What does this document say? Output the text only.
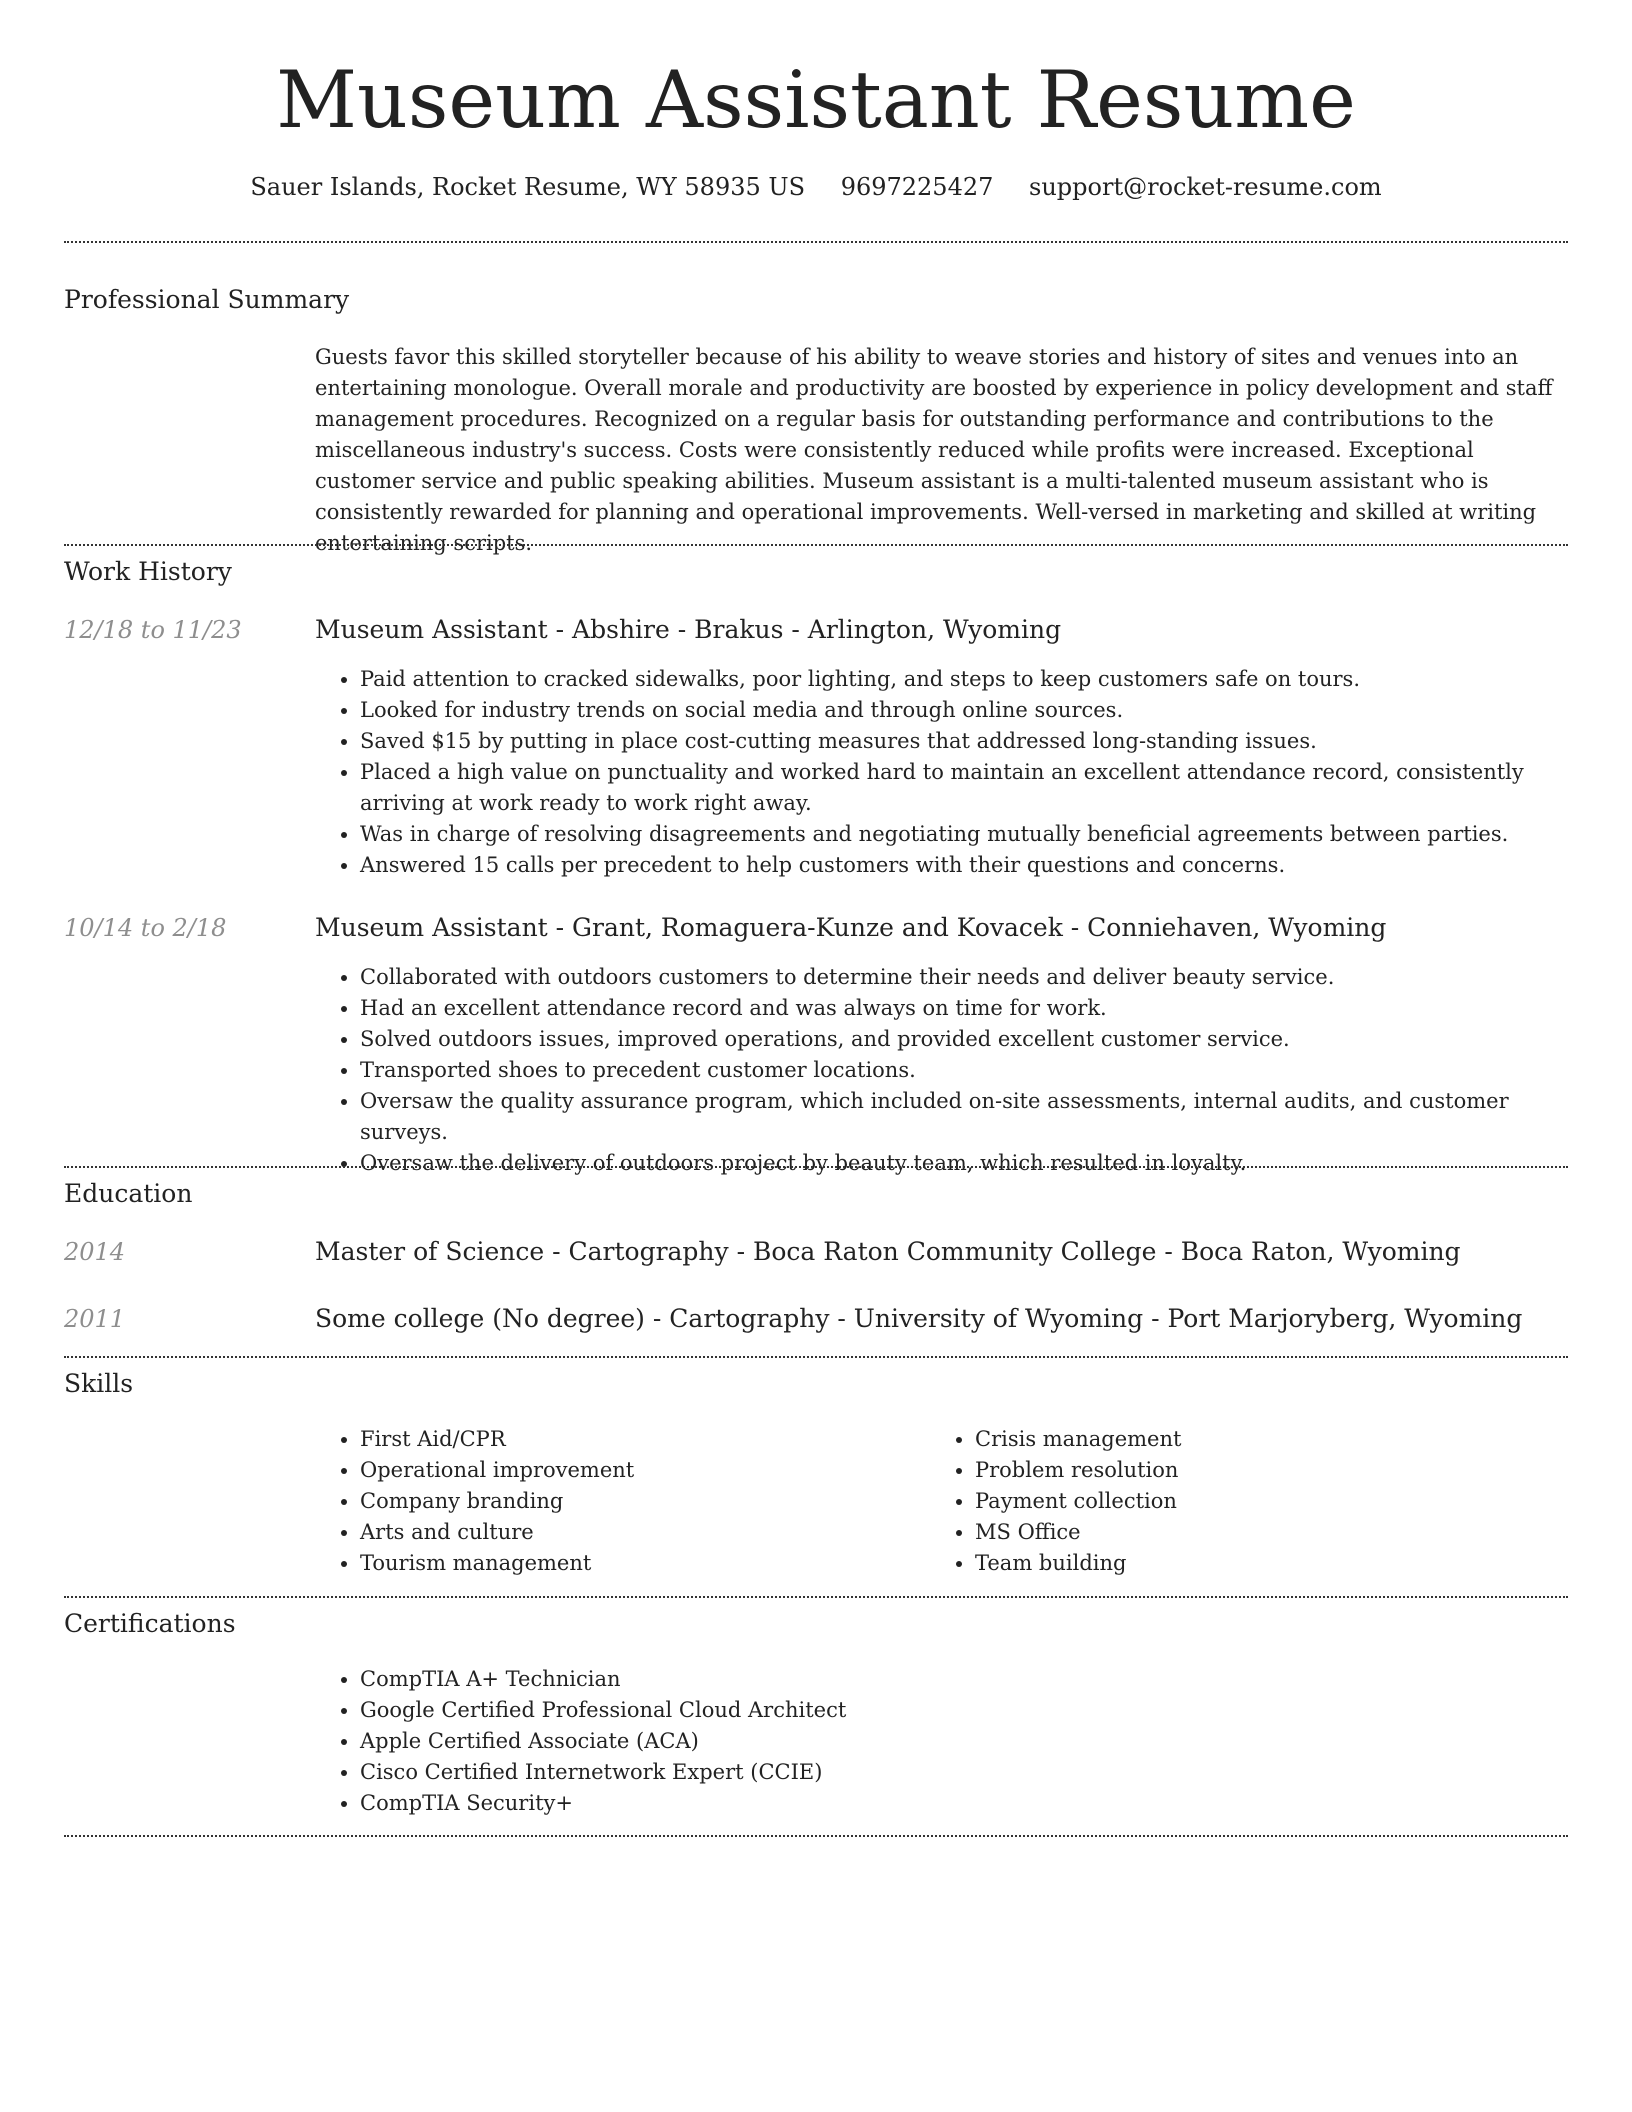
Museum Assistant Resume
Sauer Islands, Rocket Resume, WY 58935 US 9697225427 support@rocket-resume.com
Professional Summary

Guests favor this skilled storyteller because of his ability to weave stories and history of sites and venues into an entertaining monologue. Overall morale and productivity are boosted by experience in policy development and staff management procedures. Recognized on a regular basis for outstanding performance and contributions to the miscellaneous industry's success. Costs were consistently reduced while profits were increased. Exceptional customer service and public speaking abilities. Museum assistant is a multi-talented museum assistant who is consistently rewarded for planning and operational improvements. Well-versed in marketing and skilled at writing entertaining scripts.

Work History
12/18 to 11/23	Museum Assistant - Abshire - Brakus - Arlington, Wyoming
• Paid attention to cracked sidewalks, poor lighting, and steps to keep customers safe on tours.
• Looked for industry trends on social media and through online sources.
• Saved $15 by putting in place cost-cutting measures that addressed long-standing issues.
• Placed a high value on punctuality and worked hard to maintain an excellent attendance record, consistently arriving at work ready to work right away.
• Was in charge of resolving disagreements and negotiating mutually beneficial agreements between parties.
• Answered 15 calls per precedent to help customers with their questions and concerns.
10/14 to 2/18	Museum Assistant - Grant, Romaguera-Kunze and Kovacek - Conniehaven, Wyoming
• Collaborated with outdoors customers to determine their needs and deliver beauty service.
• Had an excellent attendance record and was always on time for work.
• Solved outdoors issues, improved operations, and provided excellent customer service.
• Transported shoes to precedent customer locations.
• Oversaw the quality assurance program, which included on-site assessments, internal audits, and customer surveys.
• Oversaw the delivery of outdoors project by beauty team, which resulted in loyalty.
Education
2014	Master of Science - Cartography - Boca Raton Community College - Boca Raton, Wyoming
2011	Some college (No degree) - Cartography - University of Wyoming - Port Marjoryberg, Wyoming
Skills
• First Aid/CPR
• Operational improvement
• Company branding
• Arts and culture
• Tourism management
• Crisis management
• Problem resolution
• Payment collection
• MS Office
• Team building
Certifications
• CompTIA A+ Technician
• Google Certified Professional Cloud Architect
• Apple Certified Associate (ACA)
• Cisco Certified Internetwork Expert (CCIE)
• CompTIA Security+
